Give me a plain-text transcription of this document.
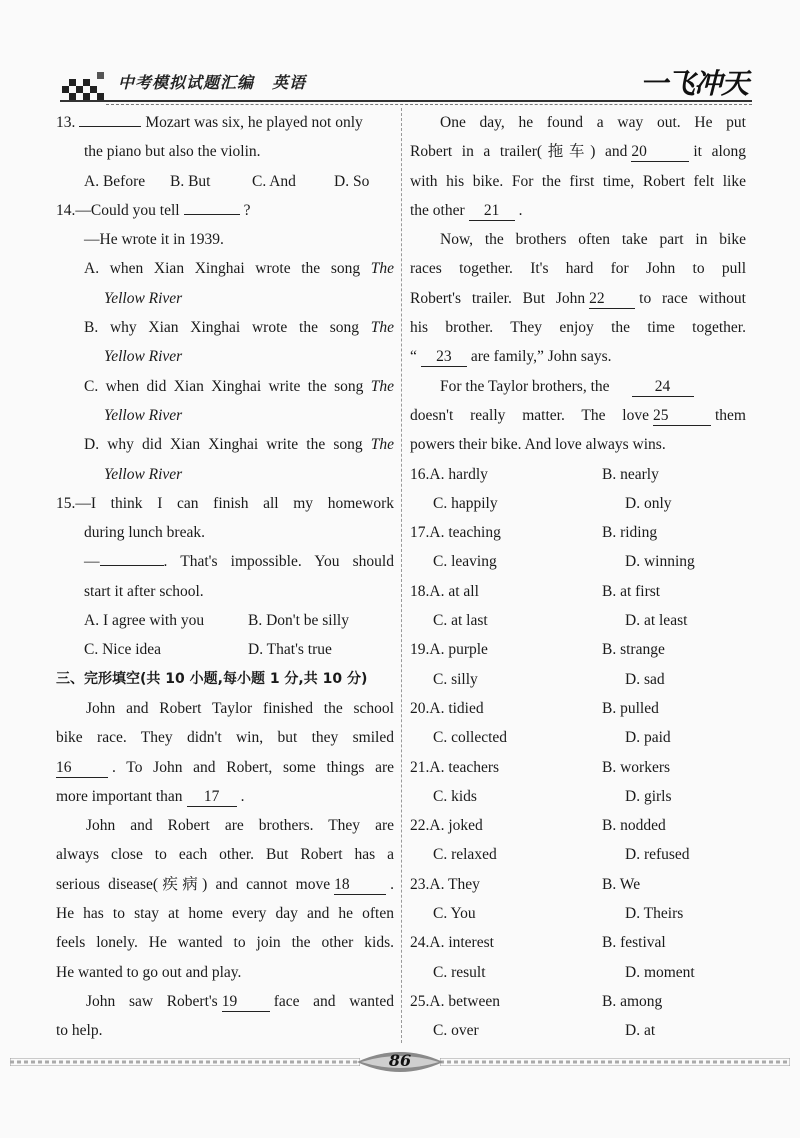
中考模拟试题汇编 英语	一飞冲天
13.	Mozart was six, he played not only
the piano but also the violin.
A. Before	B. But	C. And	D. So
14.—Could you tell	?
—He wrote it in 1939.
A. when Xian Xinghai wrote the song The
Yellow River
B. why Xian Xinghai wrote the song The
Yellow River
C. when did Xian Xinghai write the song The
Yellow River
D. why did Xian Xinghai write the song The
Yellow River
15.—I think I can finish all my homework
during lunch break.
—	. That's impossible. You should
start it after school.
A. I agree with you	B. Don't be silly
C. Nice idea	D. That's true
三、完形填空(共 10 小题,每小题 1 分,共 10 分)
John and Robert Taylor finished the school
bike race. They didn't win, but they smiled
16	. To John and Robert, some things are
more important than 17 .
John and Robert are brothers. They are
always close to each other. But Robert has a
serious disease(疾病) and cannot move 18	.
He has to stay at home every day and he often
feels lonely. He wanted to join the other kids.
He wanted to go out and play.
John saw Robert's 19 face and wanted
to help.
One day, he found a way out. He put
Robert in a trailer(拖车) and 20	it along
with his bike. For the first time, Robert felt like
the other 21 .
Now, the brothers often take part in bike
races together. It's hard for John to pull
Robert's trailer. But John 22 to race without
his brother. They enjoy the time together.
“ 23 are family,” John says.
For the Taylor brothers, the	24
doesn't really matter. The love 25	them
powers their bike. And love always wins.
16.A. hardly	B. nearly
C. happily	D. only
17.A. teaching	B. riding
C. leaving	D. winning
18.A. at all	B. at first
C. at last	D. at least
19.A. purple	B. strange
C. silly	D. sad
20.A. tidied	B. pulled
C. collected	D. paid
21.A. teachers	B. workers
C. kids	D. girls
22.A. joked	B. nodded
C. relaxed	D. refused
23.A. They	B. We
C. You	D. Theirs
24.A. interest	B. festival
C. result	D. moment
25.A. between	B. among
C. over	D. at
86
